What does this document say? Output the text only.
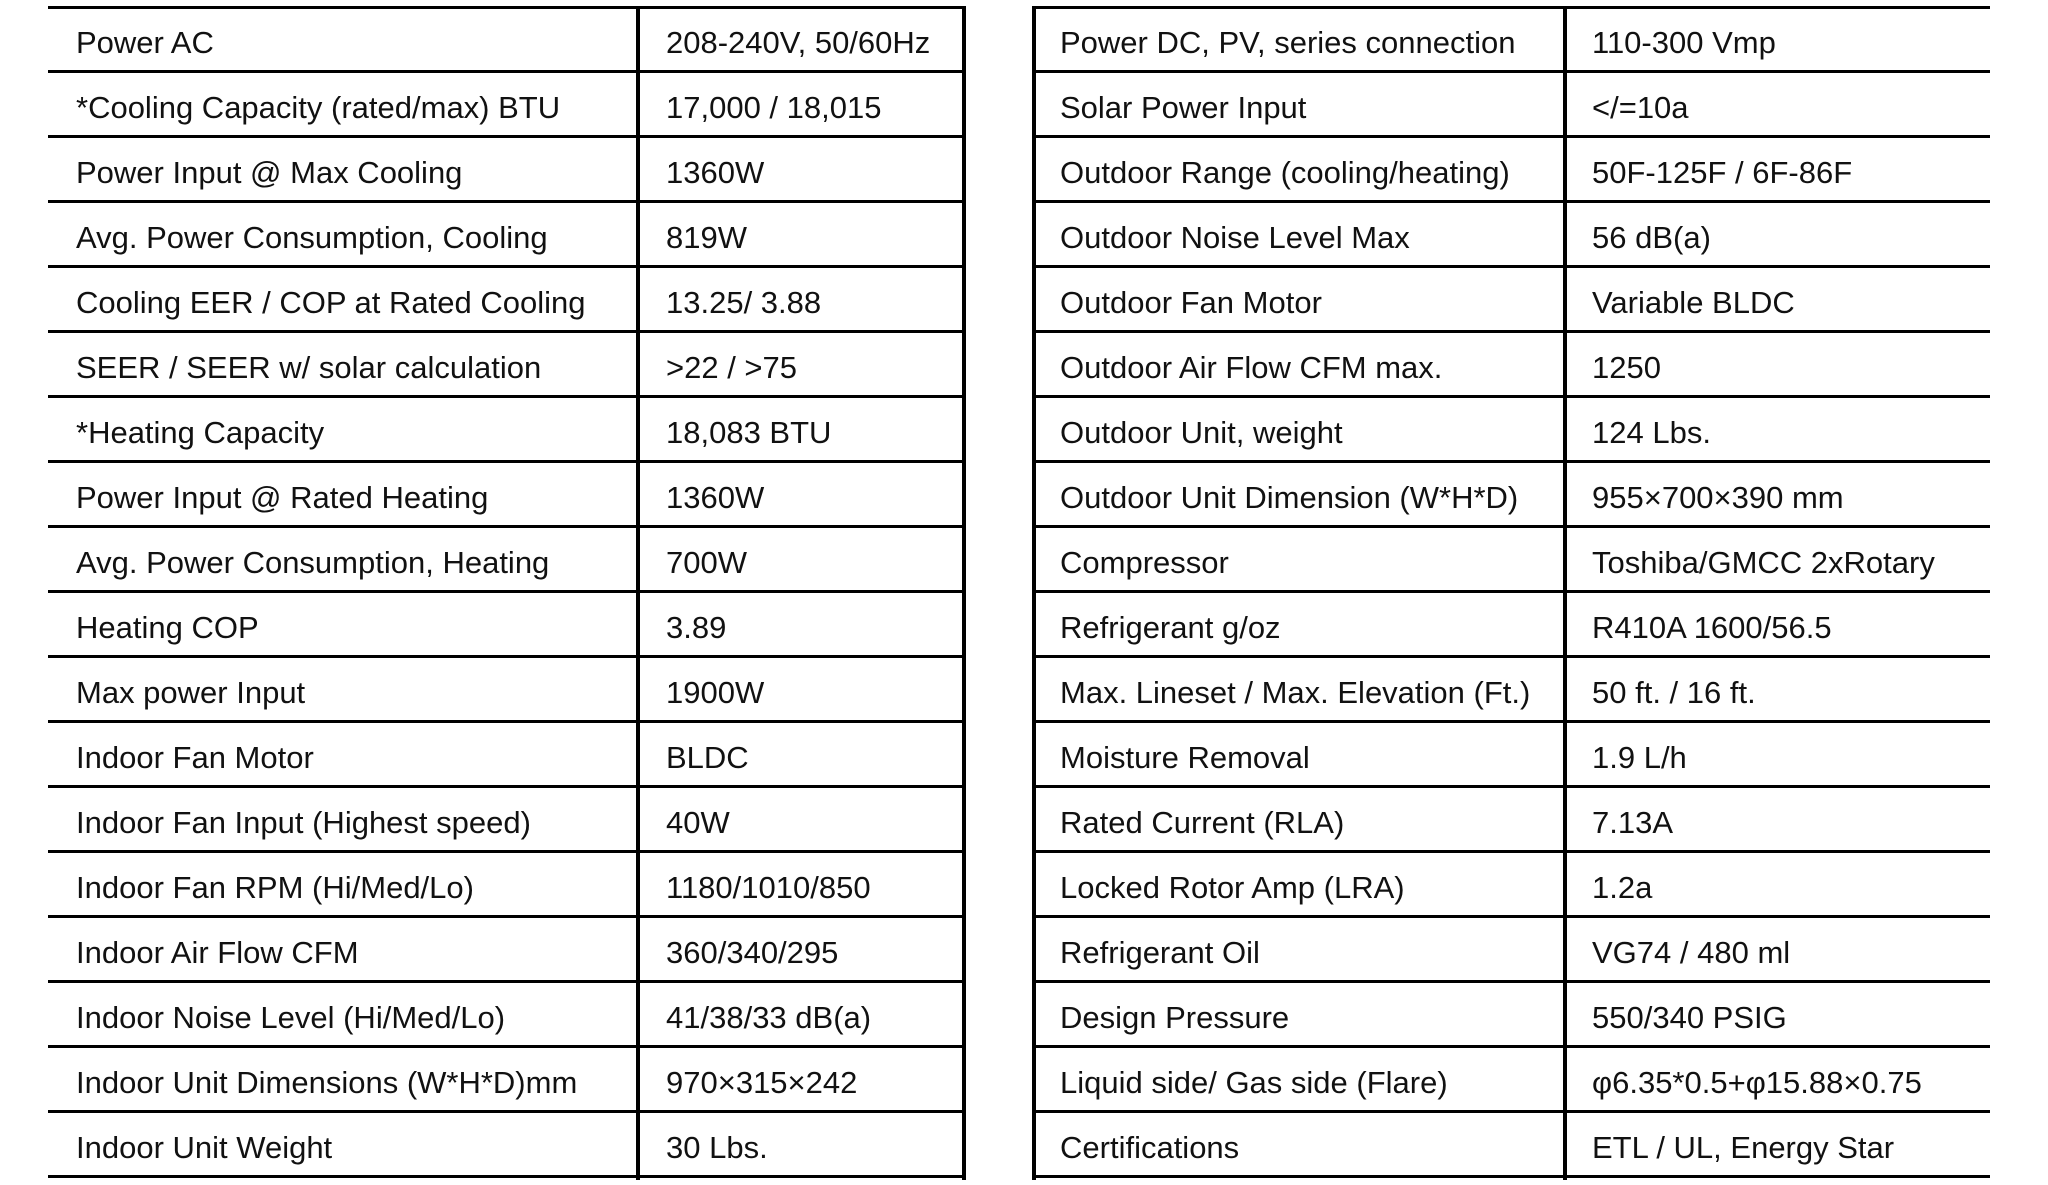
Power AC	208-240V, 50/60Hz	Power DC, PV, series connection 110-300 Vmp
*Cooling Capacity (rated/max) BTU	17,000 / 18,015	Solar Power Input	</=10a
Power Input @ Max Cooling	1360W	Outdoor Range (cooling/heating)	50F-125F / 6F-86F
Avg. Power Consumption, Cooling	819W	Outdoor Noise Level Max	56 dB(a)
Cooling EER / COP at Rated Cooling	13.25/ 3.88	Outdoor Fan Motor	Variable BLDC
SEER / SEER w/ solar calculation	>22 / >75	Outdoor Air Flow CFM max.	1250
*Heating Capacity	18,083 BTU	Outdoor Unit, weight	124 Lbs.
Power Input @ Rated Heating	1360W	Outdoor Unit Dimension (W*H*D) 955×700×390 mm
Avg. Power Consumption, Heating	700W	Compressor	Toshiba/GMCC 2xRotary
Heating COP	3.89	Refrigerant g/oz	R410A 1600/56.5
Max power Input	1900W	Max. Lineset / Max. Elevation (Ft.) 50 ft. / 16 ft.
Indoor Fan Motor	BLDC	Moisture Removal	1.9 L/h
Indoor Fan Input (Highest speed)	40W	Rated Current (RLA)	7.13A
Indoor Fan RPM (Hi/Med/Lo)	1180/1010/850	Locked Rotor Amp (LRA)	1.2a
Indoor Air Flow CFM	360/340/295	Refrigerant Oil	VG74 / 480 ml
Indoor Noise Level (Hi/Med/Lo)	41/38/33 dB(a)	Design Pressure	550/340 PSIG
Indoor Unit Dimensions (W*H*D)mm	970×315×242	Liquid side/ Gas side (Flare)	φ6.35*0.5+φ15.88×0.75
Indoor Unit Weight	30 Lbs.	Certifications	ETL / UL, Energy Star
